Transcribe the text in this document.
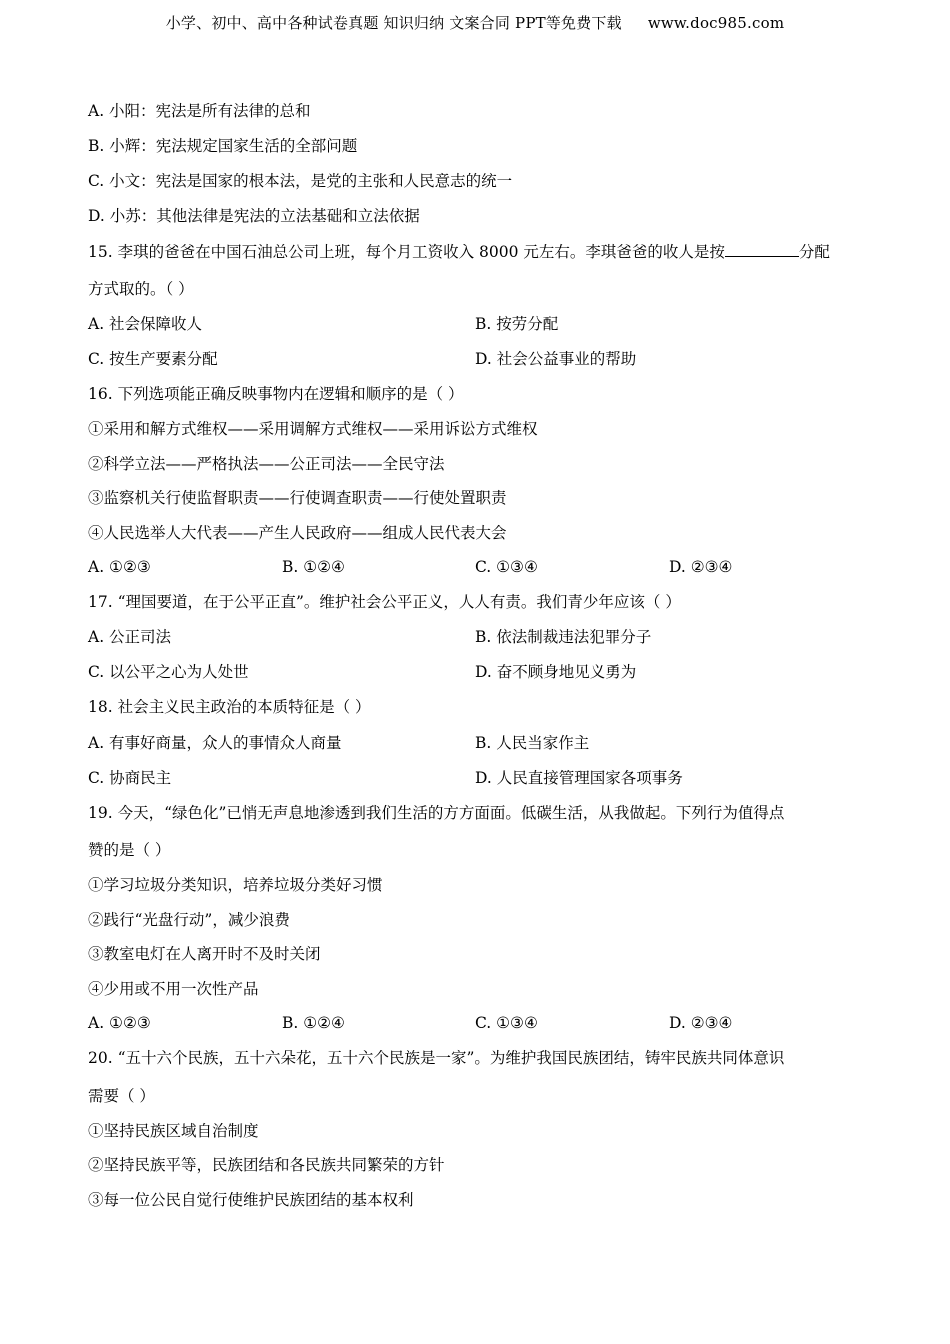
小学、初中、高中各种试卷真题 知识归纳 文案合同 PPT等免费下载 www.doc985.com
A. 小阳：宪法是所有法律的总和
B. 小辉：宪法规定国家生活的全部问题
C. 小文：宪法是国家的根本法，是党的主张和人民意志的统一
D. 小苏：其他法律是宪法的立法基础和立法依据
15. 李琪的爸爸在中国石油总公司上班，每个月工资收入 8000 元左右。李琪爸爸的收人是按	分配
方式取的。（ ）
A. 社会保障收人	B. 按劳分配
C. 按生产要素分配	D. 社会公益事业的帮助
16. 下列选项能正确反映事物内在逻辑和顺序的是（ ）
①采用和解方式维权——采用调解方式维权——采用诉讼方式维权
②科学立法——严格执法——公正司法——全民守法
③监察机关行使监督职责——行使调查职责——行使处置职责
④人民选举人大代表——产生人民政府——组成人民代表大会
A. ①②③	B. ①②④	C. ①③④	D. ②③④
17. “理国要道，在于公平正直”。维护社会公平正义，人人有责。我们青少年应该（ ）
A. 公正司法	B. 依法制裁违法犯罪分子
C. 以公平之心为人处世	D. 奋不顾身地见义勇为
18. 社会主义民主政治的本质特征是（ ）
A. 有事好商量，众人的事情众人商量	B. 人民当家作主
C. 协商民主	D. 人民直接管理国家各项事务
19. 今天，“绿色化”已悄无声息地渗透到我们生活的方方面面。低碳生活，从我做起。下列行为值得点
赞的是（ ）
①学习垃圾分类知识，培养垃圾分类好习惯
②践行“光盘行动”，减少浪费
③教室电灯在人离开时不及时关闭
④少用或不用一次性产品
A. ①②③	B. ①②④	C. ①③④	D. ②③④
20. “五十六个民族，五十六朵花，五十六个民族是一家”。为维护我国民族团结，铸牢民族共同体意识
需要（ ）
①坚持民族区域自治制度
②坚持民族平等，民族团结和各民族共同繁荣的方针
③每一位公民自觉行使维护民族团结的基本权利
